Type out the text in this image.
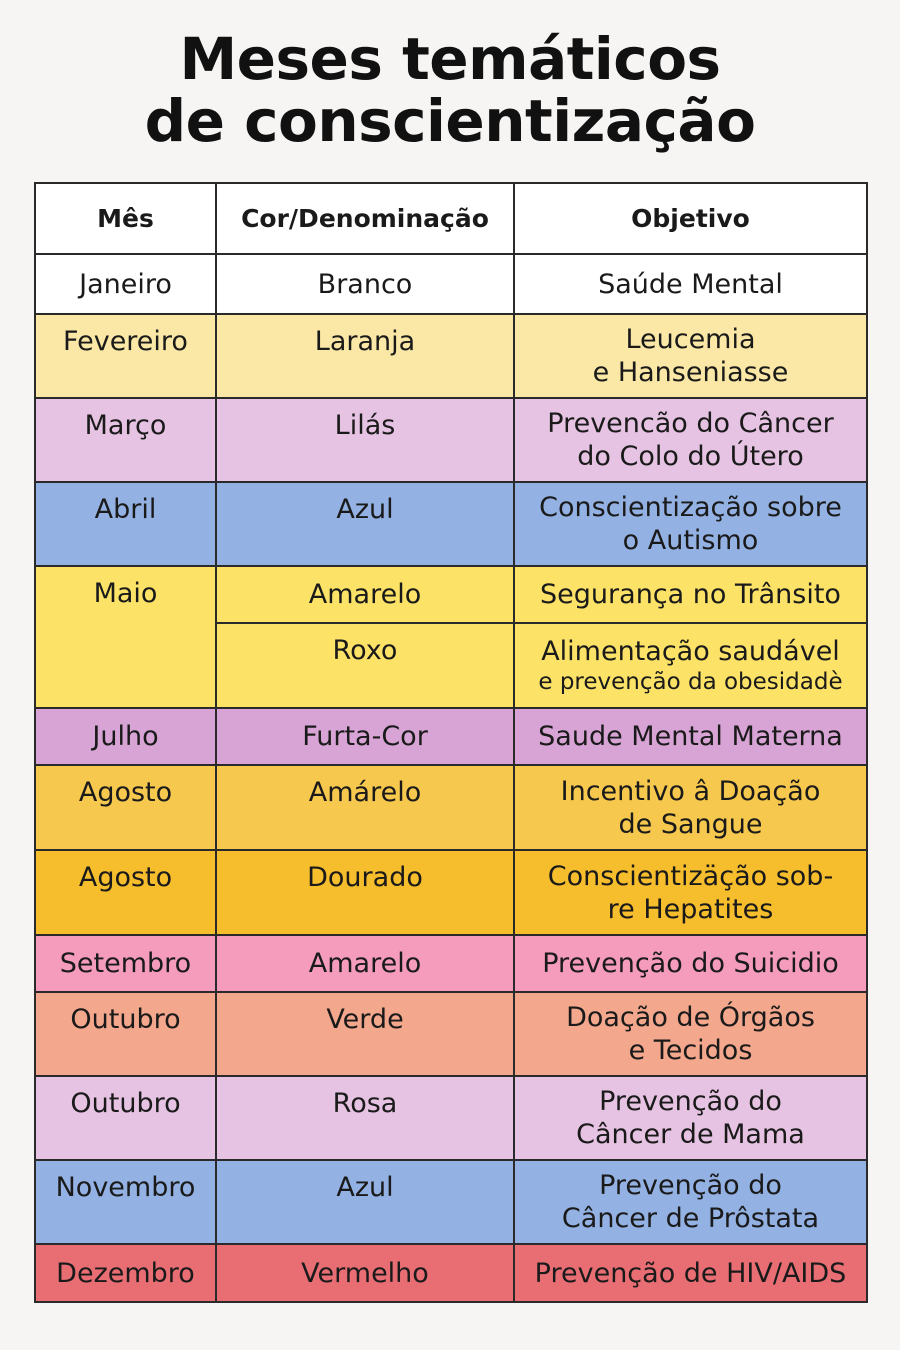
Meses temáticos
de conscientização
Mês	Cor/Denominação	Objetivo
Janeiro	Branco	Saúde Mental

Fevereiro	Laranja	Leucemia
e Hanseniasse

Março	Lilás	Prevencão do Câncer
do Colo do Útero

Abril	Azul	Conscientização sobre
o Autismo

Maio	Amarelo	Segurança no Trânsito

	Roxo	Alimentação saudável
e prevenção da obesidadè

Julho	Furta-Cor	Saude Mental Materna

Agosto	Amárelo	Incentivo â Doação
de Sangue

Agosto	Dourado	Conscientizäção sob-
re Hepatites

Setembro	Amarelo	Prevenção do Suicidio

Outubro	Verde	Doação de Órgãos
e Tecidos

Outubro	Rosa	Prevenção do
Câncer de Mama

Novembro	Azul	Prevenção do
Câncer de Prôstata

Dezembro	Vermelho	Prevenção de HIV/AIDS
